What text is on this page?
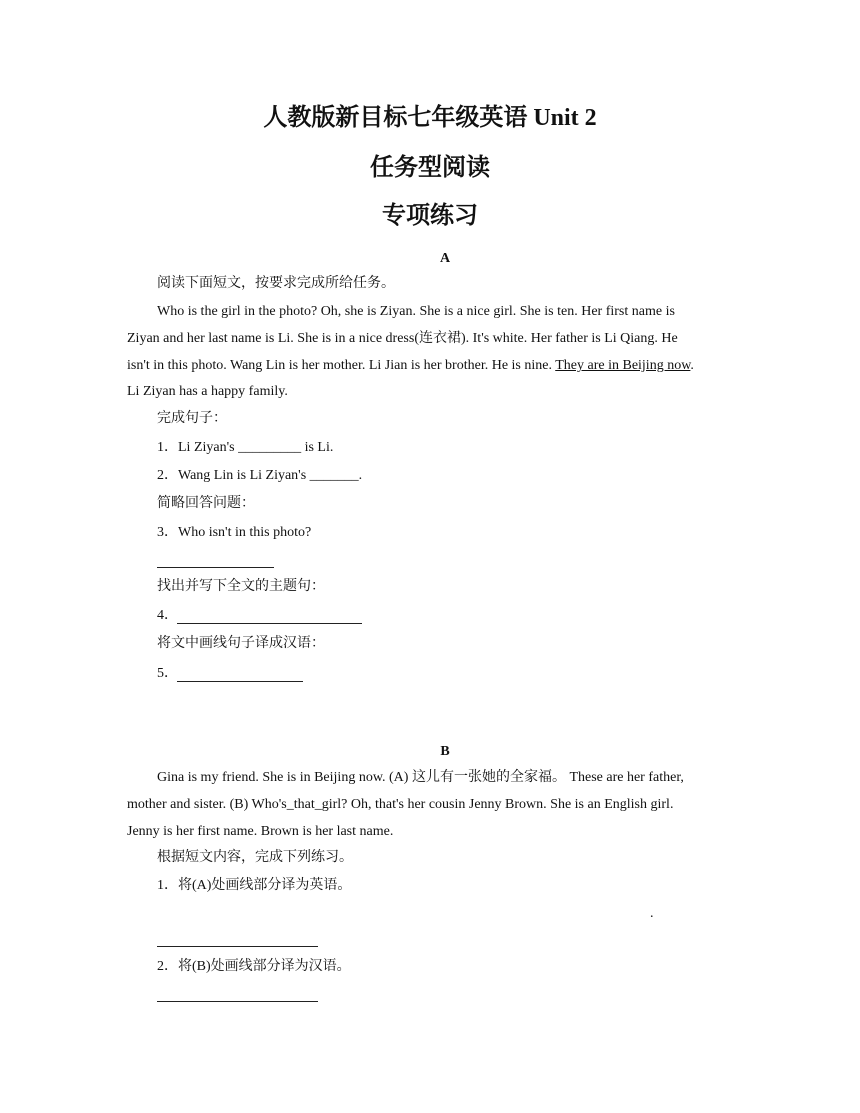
人教版新目标七年级英语 Unit 2
任务型阅读
专项练习
A
阅读下面短文，按要求完成所给任务。
Who is the girl in the photo? Oh, she is Ziyan. She is a nice girl. She is ten. Her first name is
Ziyan and her last name is Li. She is in a nice dress(连衣裙). It's white. Her father is Li Qiang. He
isn't in this photo. Wang Lin is her mother. Li Jian is her brother. He is nine. They are in Beijing now.
Li Ziyan has a happy family.
完成句子：
1．Li Ziyan's _________ is Li.
2．Wang Lin is Li Ziyan's _______.
简略回答问题：
3．Who isn't in this photo?
找出并写下全文的主题句：
4．
将文中画线句子译成汉语：
5．
B
Gina is my friend. She is in Beijing now. (A) 这儿有一张她的全家福。 These are her father,
mother and sister. (B) Who's_that_girl? Oh, that's her cousin Jenny Brown. She is an English girl.
Jenny is her first name. Brown is her last name.
根据短文内容，完成下列练习。
1．将(A)处画线部分译为英语。
.
2．将(B)处画线部分译为汉语。
